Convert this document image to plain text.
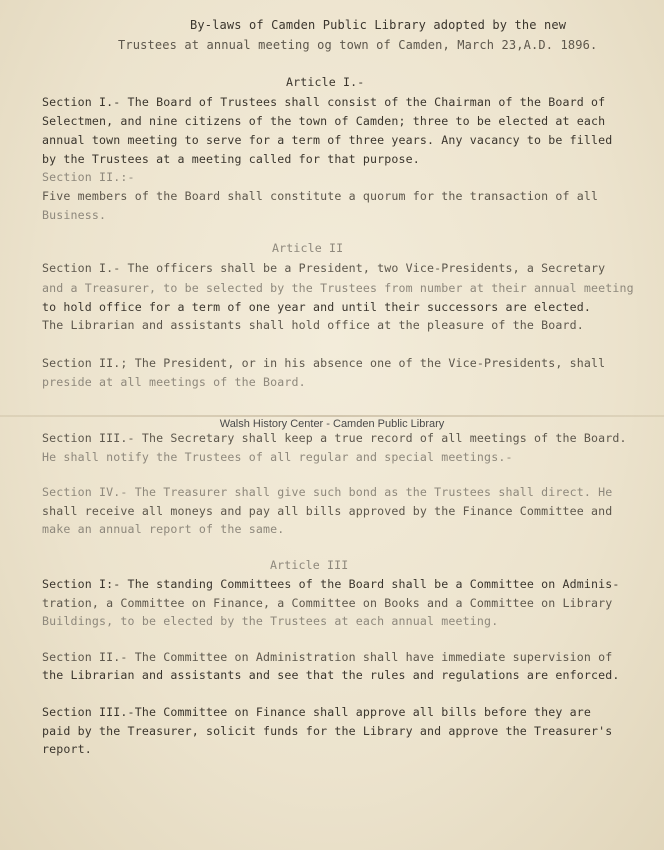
By-laws of Camden Public Library adopted by the new
Trustees at annual meeting og town of Camden, March 23,A.D. 1896.
Article I.-
Section I.- The Board of Trustees shall consist of the Chairman of the Board of
Selectmen, and nine citizens of the town of Camden; three to be elected at each
annual town meeting to serve for a term of three years. Any vacancy to be filled
by the Trustees at a meeting called for that purpose.
Section II.:-
Five members of the Board shall constitute a quorum for the transaction of all
Business.
Article II
Section I.- The officers shall be a President, two Vice-Presidents, a Secretary
and a Treasurer, to be selected by the Trustees from number at their annual meeting
to hold office for a term of one year and until their successors are elected.
The Librarian and assistants shall hold office at the pleasure of the Board.
Section II.; The President, or in his absence one of the Vice-Presidents, shall
preside at all meetings of the Board.
Section III.- The Secretary shall keep a true record of all meetings of the Board.
He shall notify the Trustees of all regular and special meetings.-
Section IV.- The Treasurer shall give such bond as the Trustees shall direct. He
shall receive all moneys and pay all bills approved by the Finance Committee and
make an annual report of the same.
Article III
Section I:- The standing Committees of the Board shall be a Committee on Adminis-
tration, a Committee on Finance, a Committee on Books and a Committee on Library
Buildings, to be elected by the Trustees at each annual meeting.
Section II.- The Committee on Administration shall have immediate supervision of
the Librarian and assistants and see that the rules and regulations are enforced.
Section III.-The Committee on Finance shall approve all bills before they are
paid by the Treasurer, solicit funds for the Library and approve the Treasurer's
report.
Walsh History Center - Camden Public Library
